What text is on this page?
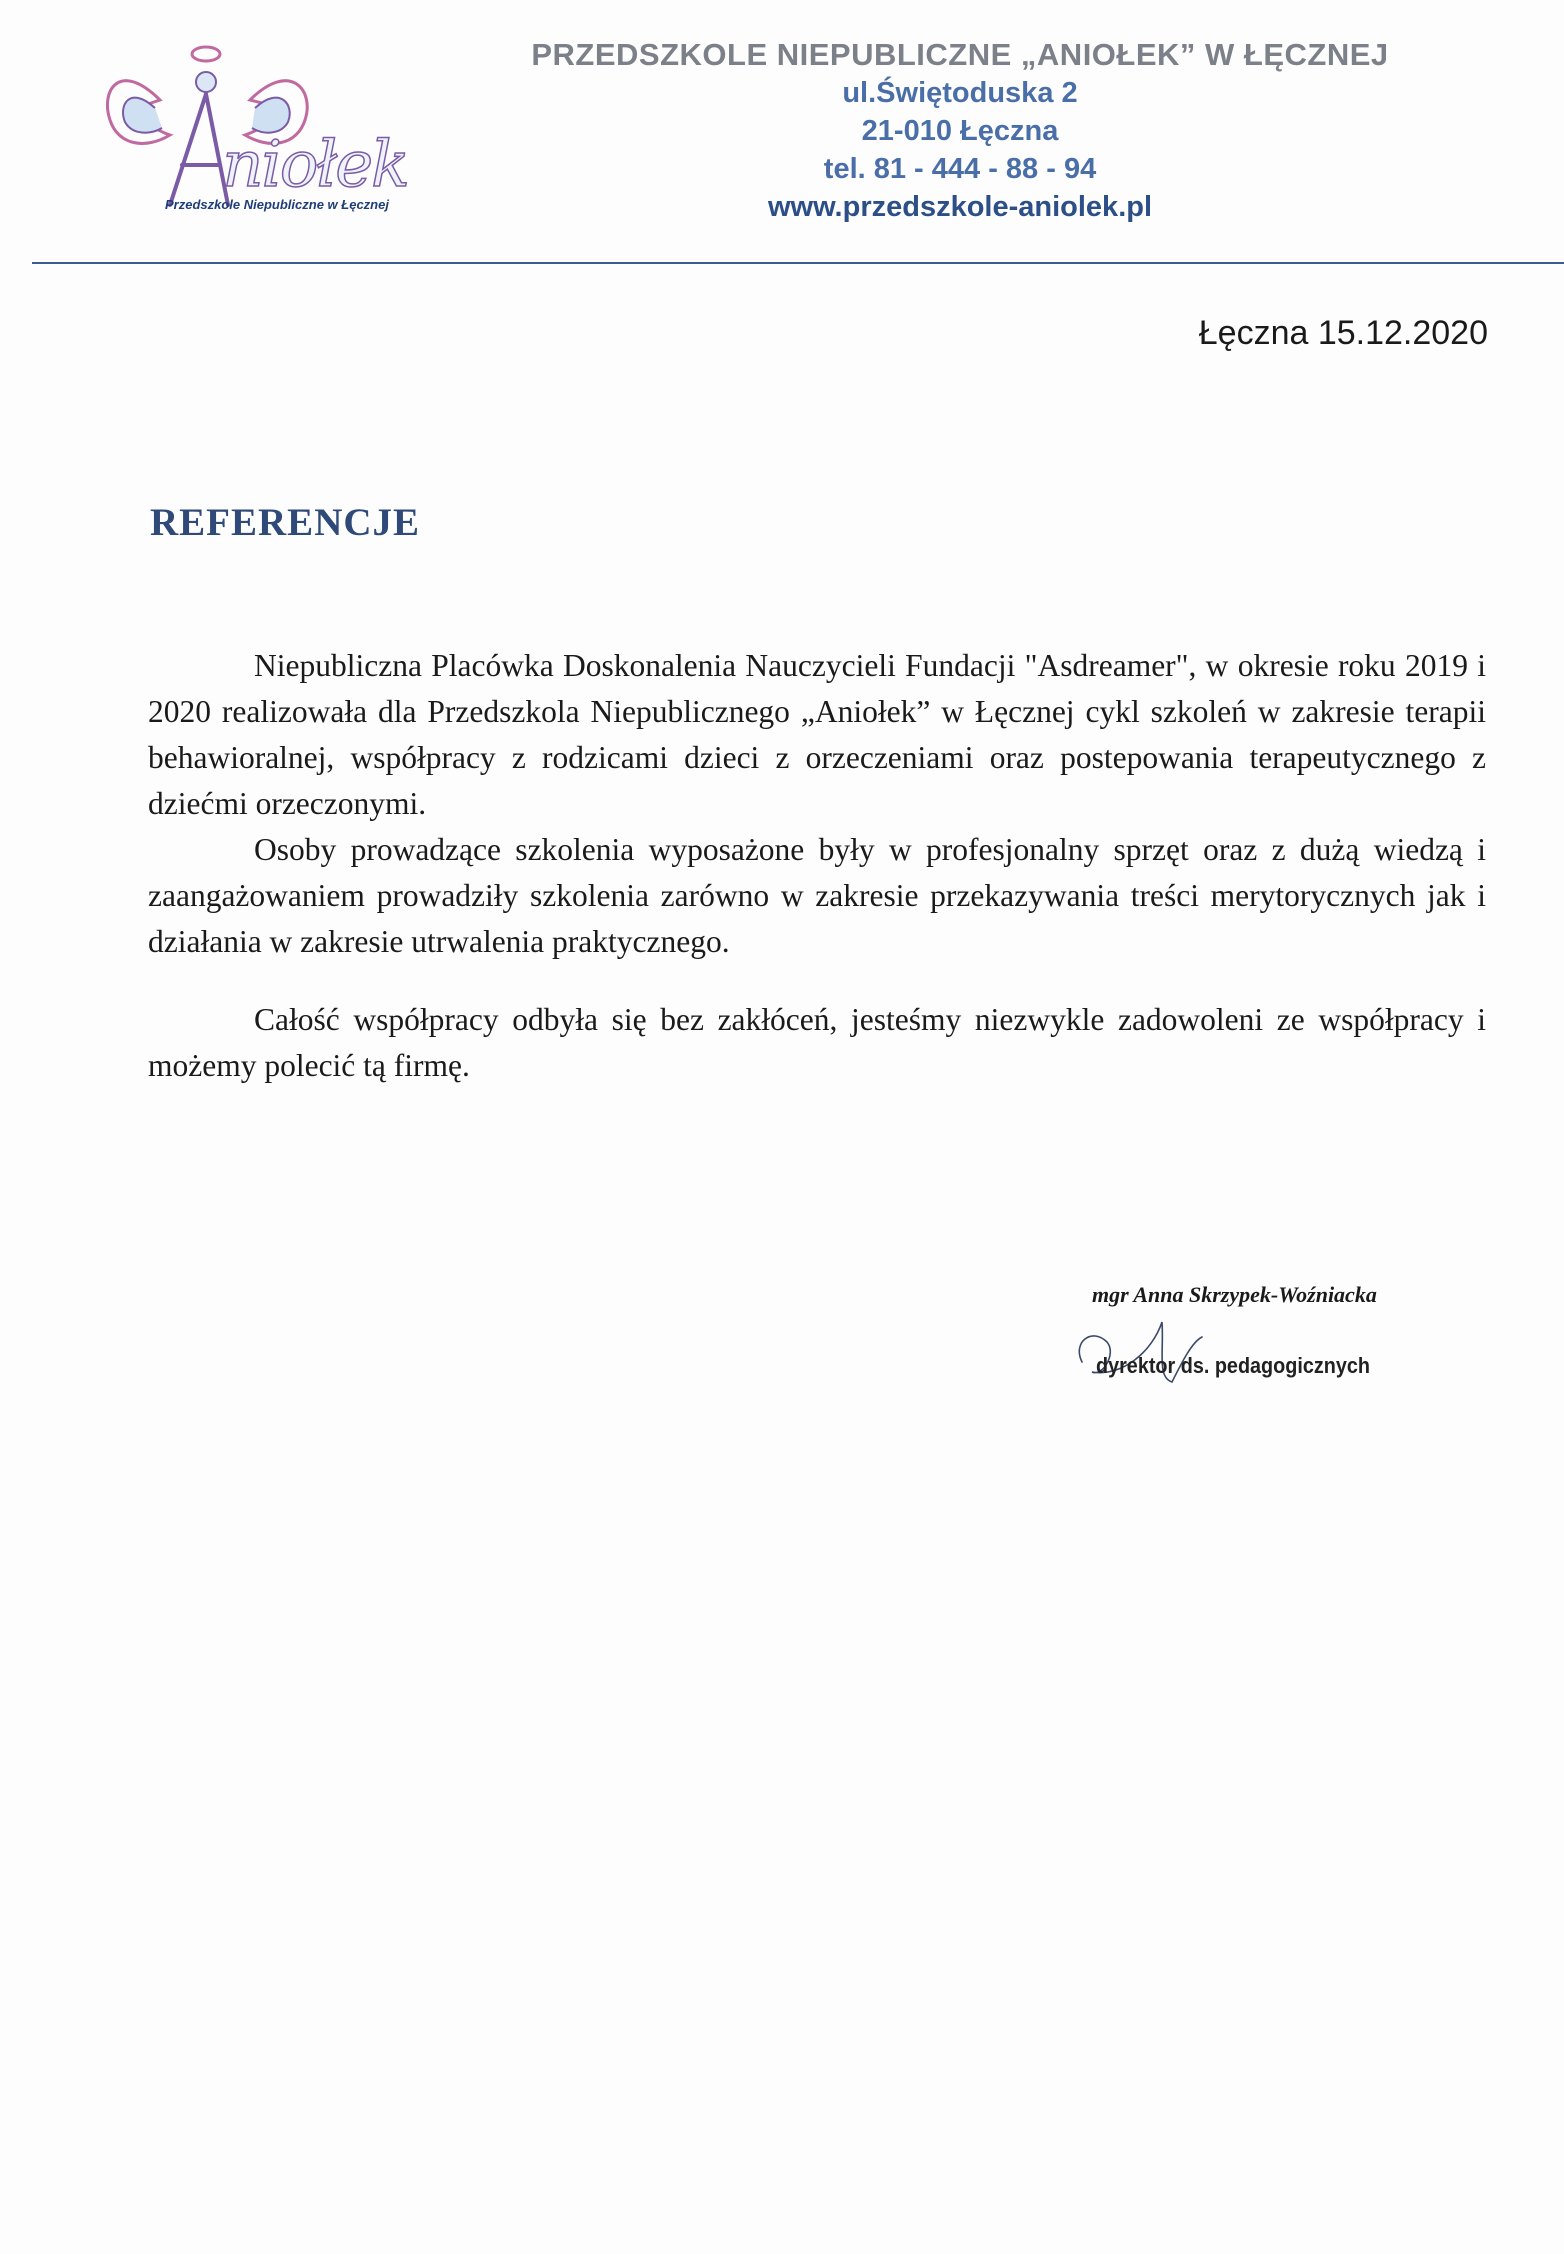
niołek
Przedszkole Niepubliczne w Łęcznej
PRZEDSZKOLE NIEPUBLICZNE „ANIOŁEK” W ŁĘCZNEJ
ul.Świętoduska 2
21-010 Łęczna
tel. 81 - 444 - 88 - 94
www.przedszkole-aniolek.pl
Łęczna 15.12.2020
REFERENCJE

Niepubliczna Placówka Doskonalenia Nauczycieli Fundacji "Asdreamer", w okresie roku 2019 i 2020 realizowała dla Przedszkola Niepublicznego „Aniołek” w Łęcznej cykl szkoleń w zakresie terapii behawioralnej, współpracy z rodzicami dzieci z orzeczeniami oraz postepowania terapeutycznego z dziećmi orzeczonymi.

Osoby prowadzące szkolenia wyposażone były w profesjonalny sprzęt oraz z dużą wiedzą i zaangażowaniem prowadziły szkolenia zarówno w zakresie przekazywania treści merytorycznych jak i działania w zakresie utrwalenia praktycznego.

Całość współpracy odbyła się bez zakłóceń, jesteśmy niezwykle zadowoleni ze współpracy i możemy polecić tą firmę.

mgr Anna Skrzypek-Woźniacka
dyrektor ds. pedagogicznych
